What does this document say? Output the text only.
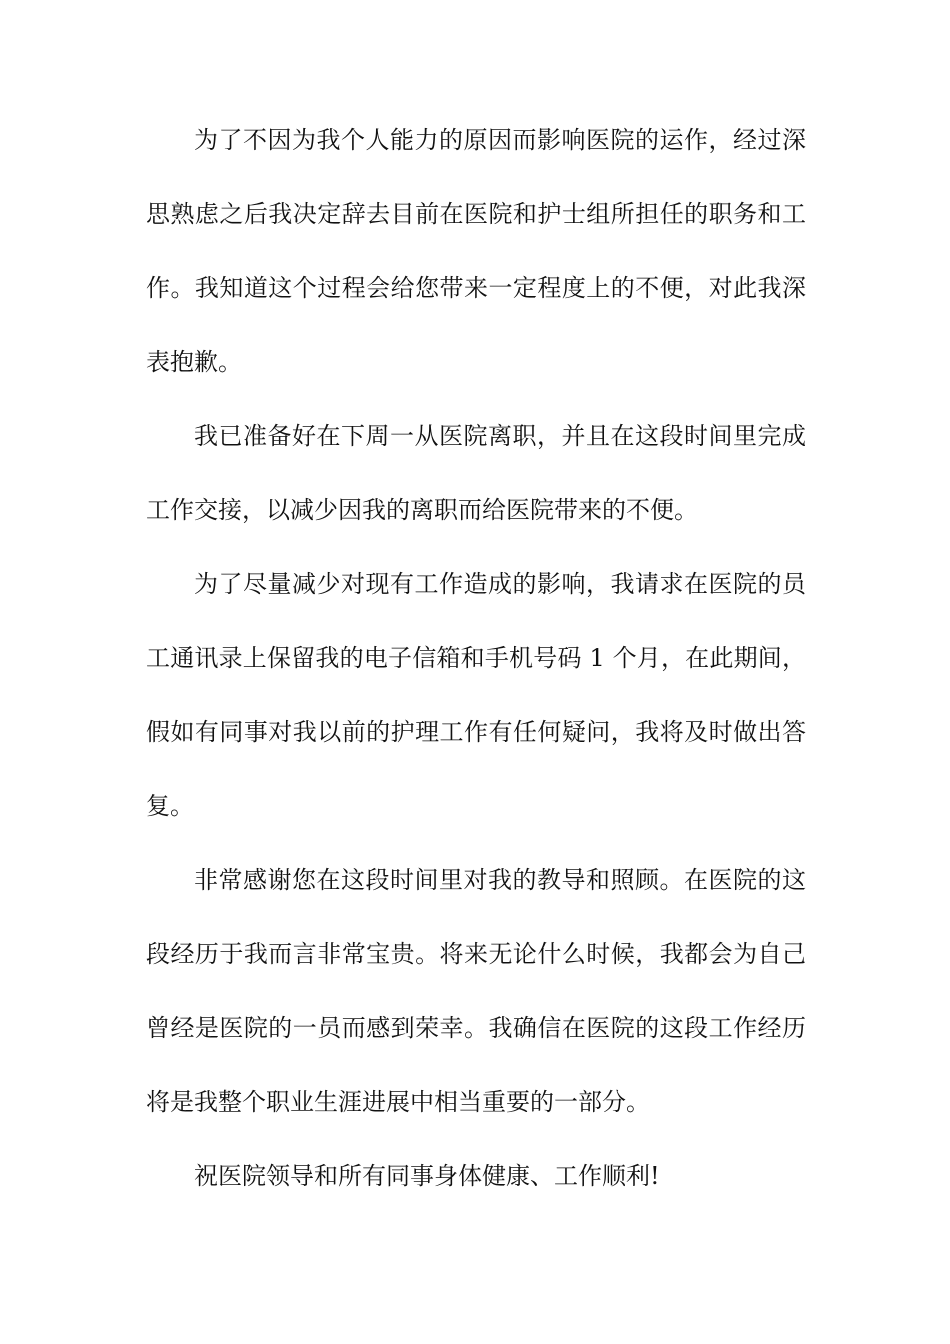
为了不因为我个人能力的原因而影响医院的运作，经过深
思熟虑之后我决定辞去目前在医院和护士组所担任的职务和工
作。我知道这个过程会给您带来一定程度上的不便，对此我深
表抱歉。
我已准备好在下周一从医院离职，并且在这段时间里完成
工作交接，以减少因我的离职而给医院带来的不便。
为了尽量减少对现有工作造成的影响，我请求在医院的员
工通讯录上保留我的电子信箱和手机号码 1 个月，在此期间，
假如有同事对我以前的护理工作有任何疑问，我将及时做出答
复。
非常感谢您在这段时间里对我的教导和照顾。在医院的这
段经历于我而言非常宝贵。将来无论什么时候，我都会为自己
曾经是医院的一员而感到荣幸。我确信在医院的这段工作经历
将是我整个职业生涯进展中相当重要的一部分。
祝医院领导和所有同事身体健康、工作顺利!
